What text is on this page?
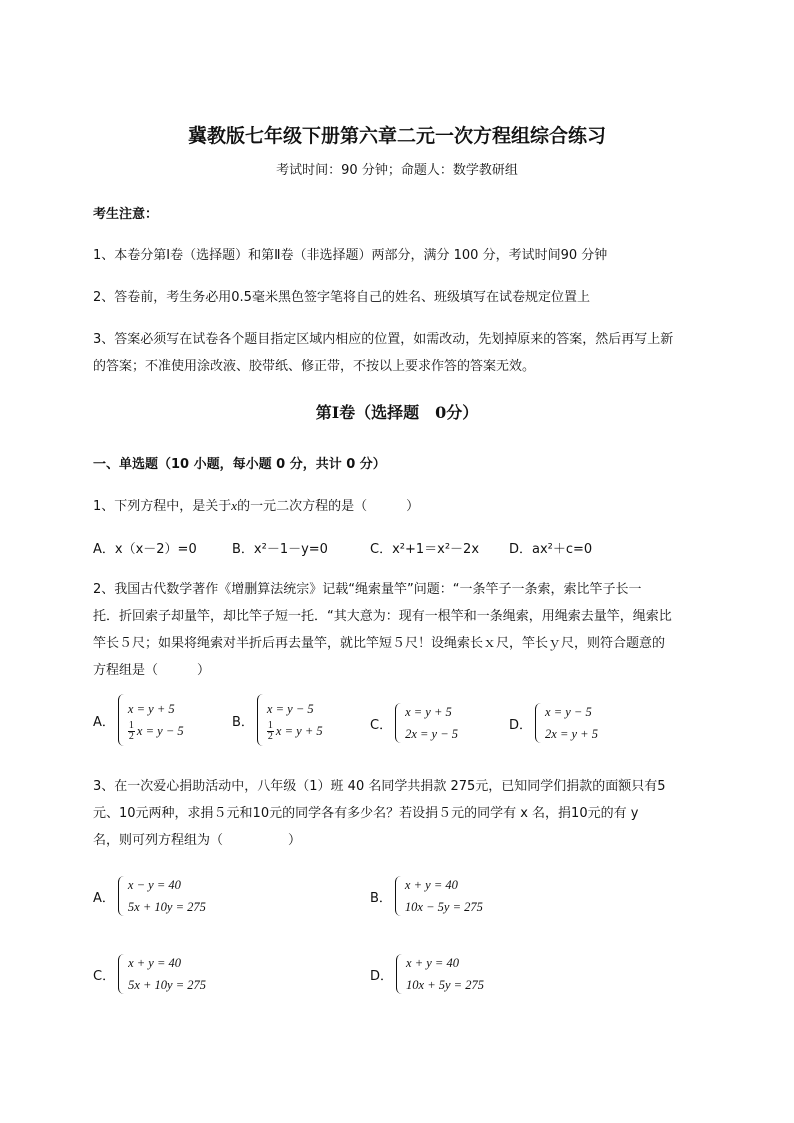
冀教版七年级下册第六章二元一次方程组综合练习
考试时间：90 分钟；命题人：数学教研组
考生注意：
1、本卷分第Ⅰ卷（选择题）和第Ⅱ卷（非选择题）两部分，满分 100 分，考试时间90 分钟
2、答卷前，考生务必用0.5毫米黑色签字笔将自己的姓名、班级填写在试卷规定位置上
3、答案必须写在试卷各个题目指定区域内相应的位置，如需改动，先划掉原来的答案，然后再写上新
的答案；不准使用涂改液、胶带纸、修正带，不按以上要求作答的答案无效。
第Ⅰ卷（选择题　0分）
一、单选题（10 小题，每小题 0 分，共计 0 分）
1、下列方程中，是关于x的一元二次方程的是（　　　）
A．x（x－2）=0	B．x²－1－y=0	C．x²+1＝x²－2x D．ax²＋c=0
2、我国古代数学著作《增删算法统宗》记载“绳索量竿”问题：“一条竿子一条索，索比竿子长一
托．折回索子却量竿，却比竿子短一托．“其大意为：现有一根竿和一条绳索，用绳索去量竿，绳索比
竿长５尺；如果将绳索对半折后再去量竿，就比竿短５尺！设绳索长ｘ尺，竿长ｙ尺，则符合题意的
方程组是（　　　）
A．
x = y + 5
$\frac{1}{2}$ x = y − 5
B．
x = y − 5
$\frac{1}{2}$ x = y + 5	C．
x = y + 5
2x = y − 5
D．
x = y − 5
2x = y + 5
3、在一次爱心捐助活动中，八年级（1）班 40 名同学共捐款 275元，已知同学们捐款的面额只有5
元、10元两种，求捐５元和10元的同学各有多少名？若设捐５元的同学有 x 名，捐10元的有 y
名，则可列方程组为（　　　　　）
A．
x − y = 40
5x + 10y = 275
B．
x + y = 40
10x − 5y = 275
C．
x + y = 40
5x + 10y = 275
D．
x + y = 40
10x + 5y = 275
